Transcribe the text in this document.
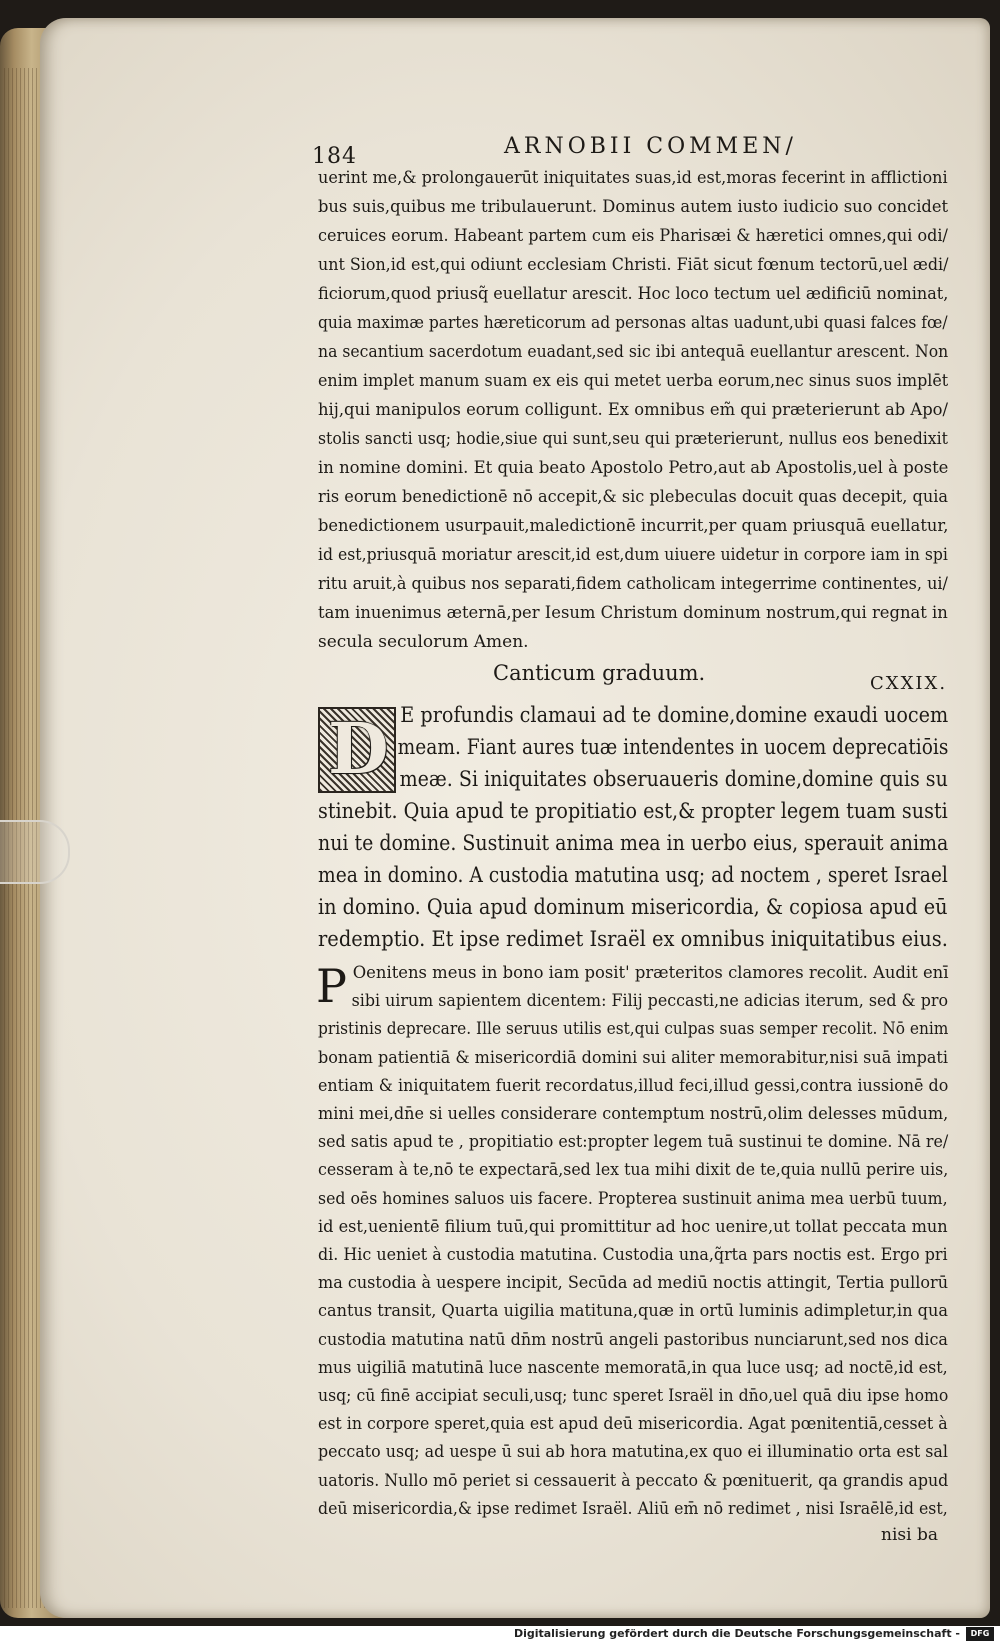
184	ARNOBII COMMEN/
uerint me,& prolongauerūt iniquitates suas,id est,moras fecerint in afflictioni
bus suis,quibus me tribulauerunt. Dominus autem iusto iudicio suo concidet
ceruices eorum. Habeant partem cum eis Pharisæi & hæretici omnes,qui odi/
unt Sion,id est,qui odiunt ecclesiam Christi. Fiāt sicut fœnum tectorū,uel ædi/
ficiorum,quod priusq̃ euellatur arescit. Hoc loco tectum uel ædificiū nominat,
quia maximæ partes hæreticorum ad personas altas uadunt,ubi quasi falces fœ/
na secantium sacerdotum euadant,sed sic ibi antequā euellantur arescent. Non
enim implet manum suam ex eis qui metet uerba eorum,nec sinus suos implēt
hij,qui manipulos eorum colligunt. Ex omnibus em̃ qui præterierunt ab Apo/
stolis sancti usq; hodie,siue qui sunt,seu qui præterierunt, nullus eos benedixit
in nomine domini. Et quia beato Apostolo Petro,aut ab Apostolis,uel à poste
ris eorum benedictionē nō accepit,& sic plebeculas docuit quas decepit, quia
benedictionem usurpauit,maledictionē incurrit,per quam priusquā euellatur,
id est,priusquā moriatur arescit,id est,dum uiuere uidetur in corpore iam in spi
ritu aruit,à quibus nos separati,fidem catholicam integerrime continentes, ui/
tam inuenimus æternā,per Iesum Christum dominum nostrum,qui regnat in
secula seculorum Amen.
Canticum graduum.	CXXIX.
D E profundis clamaui ad te domine,domine exaudi uocem
meam. Fiant aures tuæ intendentes in uocem deprecatiōis
meæ. Si iniquitates obseruaueris domine,domine quis su
stinebit. Quia apud te propitiatio est,& propter legem tuam susti
nui te domine. Sustinuit anima mea in uerbo eius, sperauit anima
mea in domino. A custodia matutina usq; ad noctem , speret Israel
in domino. Quia apud dominum misericordia, & copiosa apud eū
redemptio. Et ipse redimet Israël ex omnibus iniquitatibus eius.
P Oenitens meus in bono iam posit' præteritos clamores recolit. Audit enī
sibi uirum sapientem dicentem: Filij peccasti,ne adicias iterum, sed & pro
pristinis deprecare. Ille seruus utilis est,qui culpas suas semper recolit. Nō enim
bonam patientiā & misericordiā domini sui aliter memorabitur,nisi suā impati
entiam & iniquitatem fuerit recordatus,illud feci,illud gessi,contra iussionē do
mini mei,dn̄e si uelles considerare contemptum nostrū,olim delesses mūdum,
sed satis apud te , propitiatio est:propter legem tuā sustinui te domine. Nā re/
cesseram à te,nō te expectarā,sed lex tua mihi dixit de te,quia nullū perire uis,
sed oēs homines saluos uis facere. Propterea sustinuit anima mea uerbū tuum,
id est,uenientē filium tuū,qui promittitur ad hoc uenire,ut tollat peccata mun
di. Hic ueniet à custodia matutina. Custodia una,q̃rta pars noctis est. Ergo pri
ma custodia à uespere incipit, Secūda ad mediū noctis attingit, Tertia pullorū
cantus transit, Quarta uigilia matituna,quæ in ortū luminis adimpletur,in qua
custodia matutina natū dn̄m nostrū angeli pastoribus nunciarunt,sed nos dica
mus uigiliā matutinā luce nascente memoratā,in qua luce usq; ad noctē,id est,
usq; cū finē accipiat seculi,usq; tunc speret Israël in dn̄o,uel quā diu ipse homo
est in corpore speret,quia est apud deū misericordia. Agat pœnitentiā,cesset à
peccato usq; ad uespe ū sui ab hora matutina,ex quo ei illuminatio orta est sal
uatoris. Nullo mō periet si cessauerit à peccato & pœnituerit, qa grandis apud
deū misericordia,& ipse redimet Israël. Aliū em̄ nō redimet , nisi Israēlē,id est,
nisi ba
Digitalisierung gefördert durch die Deutsche Forschungsgemeinschaft -	DFG
